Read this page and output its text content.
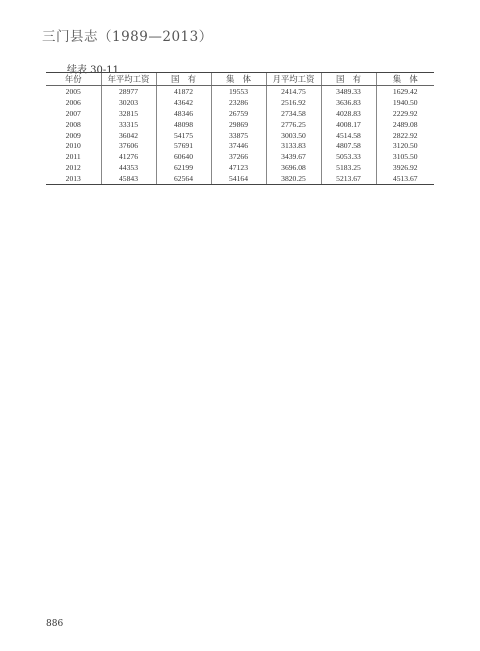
三门县志（1989—2013）
续表 30-11
年份	年平均工资	国　有	集　体	月平均工资	国　有	集　体
2005	28977	41872	19553	2414.75	3489.33	1629.42
2006	30203	43642	23286	2516.92	3636.83	1940.50
2007	32815	48346	26759	2734.58	4028.83	2229.92
2008	33315	48098	29869	2776.25	4008.17	2489.08
2009	36042	54175	33875	3003.50	4514.58	2822.92
2010	37606	57691	37446	3133.83	4807.58	3120.50
2011	41276	60640	37266	3439.67	5053.33	3105.50
2012	44353	62199	47123	3696.08	5183.25	3926.92
2013	45843	62564	54164	3820.25	5213.67	4513.67
886
